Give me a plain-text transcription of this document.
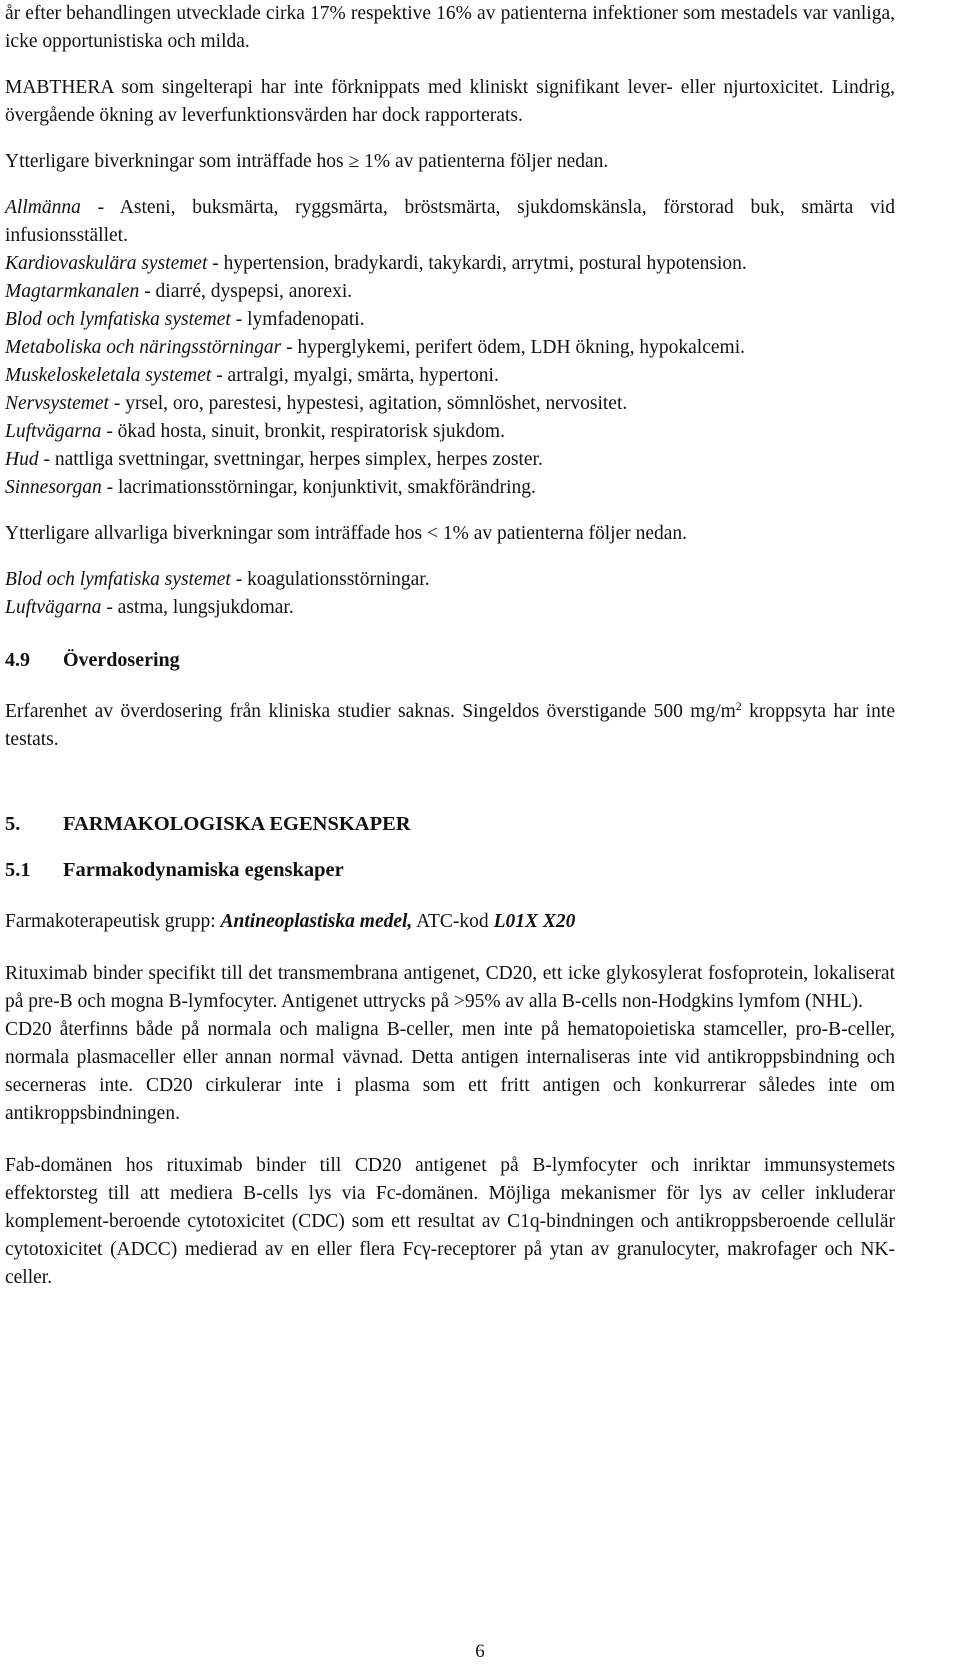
år efter behandlingen utvecklade cirka 17% respektive 16% av patienterna infektioner som mestadels var vanliga, icke opportunistiska och milda.

MABTHERA som singelterapi har inte förknippats med kliniskt signifikant lever- eller njurtoxicitet. Lindrig, övergående ökning av leverfunktionsvärden har dock rapporterats.

Ytterligare biverkningar som inträffade hos ≥ 1% av patienterna följer nedan.

Allmänna - Asteni, buksmärta, ryggsmärta, bröstsmärta, sjukdomskänsla, förstorad buk, smärta vid infusionsstället.

Kardiovaskulära systemet - hypertension, bradykardi, takykardi, arrytmi, postural hypotension.

Magtarmkanalen - diarré, dyspepsi, anorexi.

Blod och lymfatiska systemet - lymfadenopati.

Metaboliska och näringsstörningar - hyperglykemi, perifert ödem, LDH ökning, hypokalcemi.

Muskeloskeletala systemet - artralgi, myalgi, smärta, hypertoni.

Nervsystemet - yrsel, oro, parestesi, hypestesi, agitation, sömnlöshet, nervositet.

Luftvägarna - ökad hosta, sinuit, bronkit, respiratorisk sjukdom.

Hud - nattliga svettningar, svettningar, herpes simplex, herpes zoster.

Sinnesorgan - lacrimationsstörningar, konjunktivit, smakförändring.

Ytterligare allvarliga biverkningar som inträffade hos < 1% av patienterna följer nedan.

Blod och lymfatiska systemet - koagulationsstörningar.

Luftvägarna - astma, lungsjukdomar.

4.9	Överdosering

Erfarenhet av överdosering från kliniska studier saknas. Singeldos överstigande 500 $mg/m^2$ kroppsyta har inte testats.

5.	FARMAKOLOGISKA EGENSKAPER
5.1	Farmakodynamiska egenskaper

Farmakoterapeutisk grupp: Antineoplastiska medel, ATC-kod L01X X20

Rituximab binder specifikt till det transmembrana antigenet, CD20, ett icke glykosylerat fosfoprotein, lokaliserat på pre-B och mogna B-lymfocyter. Antigenet uttrycks på >95% av alla B-cells non-Hodgkins lymfom (NHL).

CD20 återfinns både på normala och maligna B-celler, men inte på hematopoietiska stamceller, pro-B-celler, normala plasmaceller eller annan normal vävnad. Detta antigen internaliseras inte vid antikroppsbindning och secerneras inte. CD20 cirkulerar inte i plasma som ett fritt antigen och konkurrerar således inte om antikroppsbindningen.

Fab-domänen hos rituximab binder till CD20 antigenet på B-lymfocyter och inriktar immunsystemets effektorsteg till att mediera B-cells lys via Fc-domänen. Möjliga mekanismer för lys av celler inkluderar komplement-beroende cytotoxicitet (CDC) som ett resultat av C1q-bindningen och antikroppsberoende cellulär cytotoxicitet (ADCC) medierad av en eller flera Fcγ-receptorer på ytan av granulocyter, makrofager och NK-celler.

6
